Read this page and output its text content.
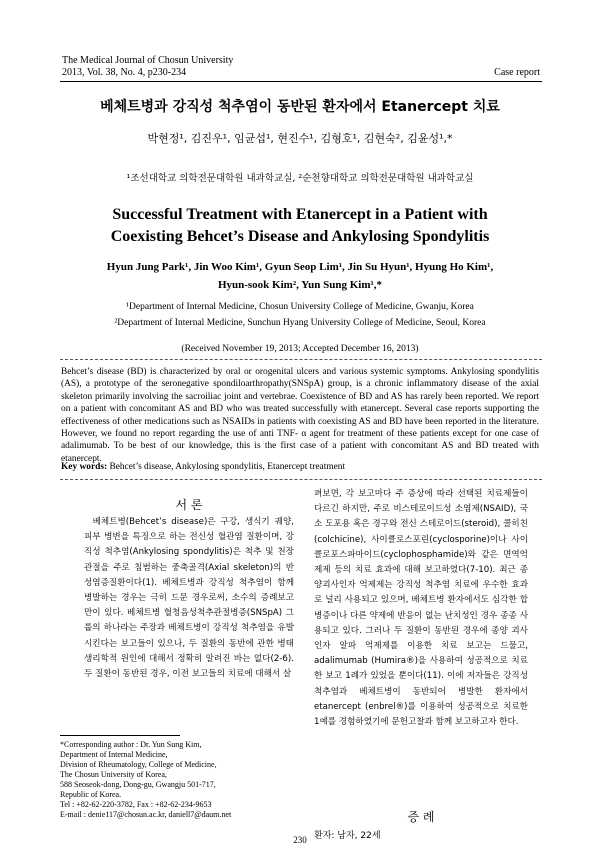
The Medical Journal of Chosun University
2013, Vol. 38, No. 4, p230-234	Case report
베체트병과 강직성 척추염이 동반된 환자에서 Etanercept 치료
박현정¹, 김진우¹, 임균섭¹, 현진수¹, 김형호¹, 김현숙², 김윤성¹,*
¹조선대학교 의학전문대학원 내과학교실, ²순천향대학교 의학전문대학원 내과학교실
Successful Treatment with Etanercept in a Patient with
Coexisting Behcet’s Disease and Ankylosing Spondylitis
Hyun Jung Park¹, Jin Woo Kim¹, Gyun Seop Lim¹, Jin Su Hyun¹, Hyung Ho Kim¹,
Hyun-sook Kim², Yun Sung Kim¹,*
¹Department of Internal Medicine, Chosun University College of Medicine, Gwanju, Korea
²Department of Internal Medicine, Sunchun Hyang University College of Medicine, Seoul, Korea
(Received November 19, 2013; Accepted December 16, 2013)
Behcet’s disease (BD) is characterized by oral or orogenital ulcers and various systemic symptoms. Ankylosing spondylitis (AS), a prototype of the seronegative spondiloarthropathy(SNSpA) group, is a chronic inflammatory disease of the axial skeleton primarily involving the sacroiliac joint and vertebrae. Coexistence of BD and AS has rarely been reported. We report on a patient with concomitant AS and BD who was treated successfully with etanercept. Several case reports supporting the effectiveness of other medications such as NSAIDs in patients with coexisting AS and BD have been reported in the literature. However, we found no report regarding the use of anti TNF- α agent for treatment of these patients except for one case of adalimumab. To be best of our knowledge, this is the first case of a patient with concomitant AS and BD treated with etanercept.
Key words: Behcet’s disease, Ankylosing spondylitis, Etanercept treatment
서 론

베체트병(Behcet’s disease)은 구강, 생식기 궤양, 피부 병변을 특징으로 하는 전신성 혈관염 질환이며, 강직성 척추염(Ankylosing spondylitis)은 척추 및 천장관절을 주로 침범하는 중축골격(Axial skeleton)의 반성염증질환이다(1). 베체트병과 강직성 척추염이 함께 병발하는 경우는 극히 드문 경우로써, 소수의 증례보고만이 있다. 베체트병 혈청음성척추관절병증(SNSpA) 그룹의 하나라는 주장과 베체트병이 강직성 척추염을 유발시킨다는 보고들이 있으나, 두 질환의 동반에 관한 병태생리학적 원인에 대해서 정확히 알려진 바는 없다(2-6). 두 질환이 동반된 경우, 이전 보고들의 치료에 대해서 살

펴보면, 각 보고마다 주 증상에 따라 선택된 치료제들이 다르긴 하지만, 주로 비스테로이드성 소염제(NSAID), 국소 도포용 혹은 경구와 전신 스테로이드(steroid), 콜히친(colchicine), 사이클로스포린(cyclosporine)이나 사이클로포스파마이드(cyclophosphamide)와 같은 면역억제제 등의 치료 효과에 대해 보고하였다(7-10). 최근 종양괴사인자 억제제는 강직성 척추염 치료에 우수한 효과로 널리 사용되고 있으며, 베체트병 환자에서도 심각한 합병증이나 다른 약제에 반응이 없는 난치성인 경우 종종 사용되고 있다. 그러나 두 질환이 동반된 경우에 종양 괴사인자 알파 억제제를 이용한 치료 보고는 드물고, adalimumab (Humira®)을 사용하여 성공적으로 치료한 보고 1례가 있었을 뿐이다(11). 이에 저자들은 강직성 척추염과 베체트병이 동반되어 병발한 환자에서 etanercept (enbrel®)를 이용하여 성공적으로 치료한 1예를 경험하였기에 문헌고찰과 함께 보고하고자 한다.

*Corresponding author : Dr. Yun Sung Kim,
Department of Internal Medicine,
Division of Rheumatology, College of Medicine,
The Chosun University of Korea,
588 Seoseok-dong, Dong-gu, Gwangju 501-717,
Republic of Korea.
Tel : +82-62-220-3782, Fax : +82-62-234-9653
E-mail : denie117@chosun.ac.kr, daniell7@daum.net	증 례
환자: 남자, 22세
230
